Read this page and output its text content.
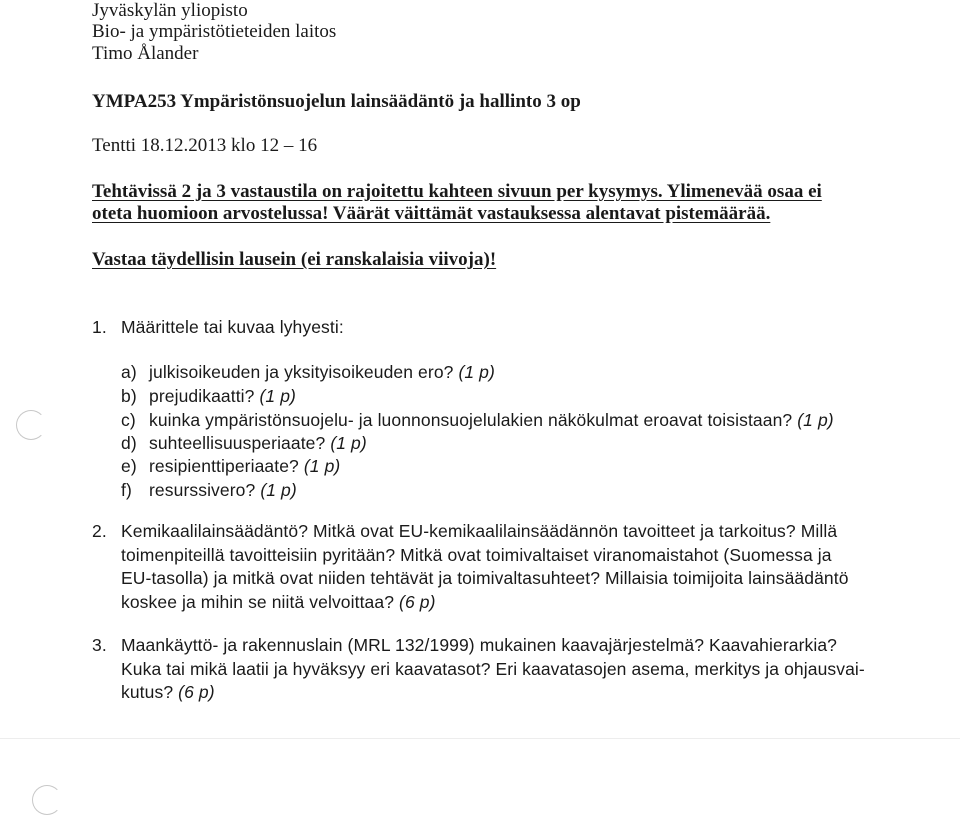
Jyväskylän yliopisto
Bio- ja ympäristötieteiden laitos
Timo Ålander
YMPA253 Ympäristönsuojelun lainsäädäntö ja hallinto 3 op
Tentti 18.12.2013 klo 12 – 16
Tehtävissä 2 ja 3 vastaustila on rajoitettu kahteen sivuun per kysymys. Ylimenevää osaa ei
oteta huomioon arvostelussa! Väärät väittämät vastauksessa alentavat pistemäärää.
Vastaa täydellisin lausein (ei ranskalaisia viivoja)!
1. Määrittele tai kuvaa lyhyesti:
a) julkisoikeuden ja yksityisoikeuden ero? (1 p)
b) prejudikaatti? (1 p)
c) kuinka ympäristönsuojelu- ja luonnonsuojelulakien näkökulmat eroavat toisistaan? (1 p)
d) suhteellisuusperiaate? (1 p)
e) resipienttiperiaate? (1 p)
f) resurssivero? (1 p)
2. Kemikaalilainsäädäntö? Mitkä ovat EU-kemikaalilainsäädännön tavoitteet ja tarkoitus? Millä
toimenpiteillä tavoitteisiin pyritään? Mitkä ovat toimivaltaiset viranomaistahot (Suomessa ja
EU-tasolla) ja mitkä ovat niiden tehtävät ja toimivaltasuhteet? Millaisia toimijoita lainsäädäntö
koskee ja mihin se niitä velvoittaa? (6 p)
3. Maankäyttö- ja rakennuslain (MRL 132/1999) mukainen kaavajärjestelmä? Kaavahierarkia?
Kuka tai mikä laatii ja hyväksyy eri kaavatasot? Eri kaavatasojen asema, merkitys ja ohjausvai-
kutus? (6 p)
